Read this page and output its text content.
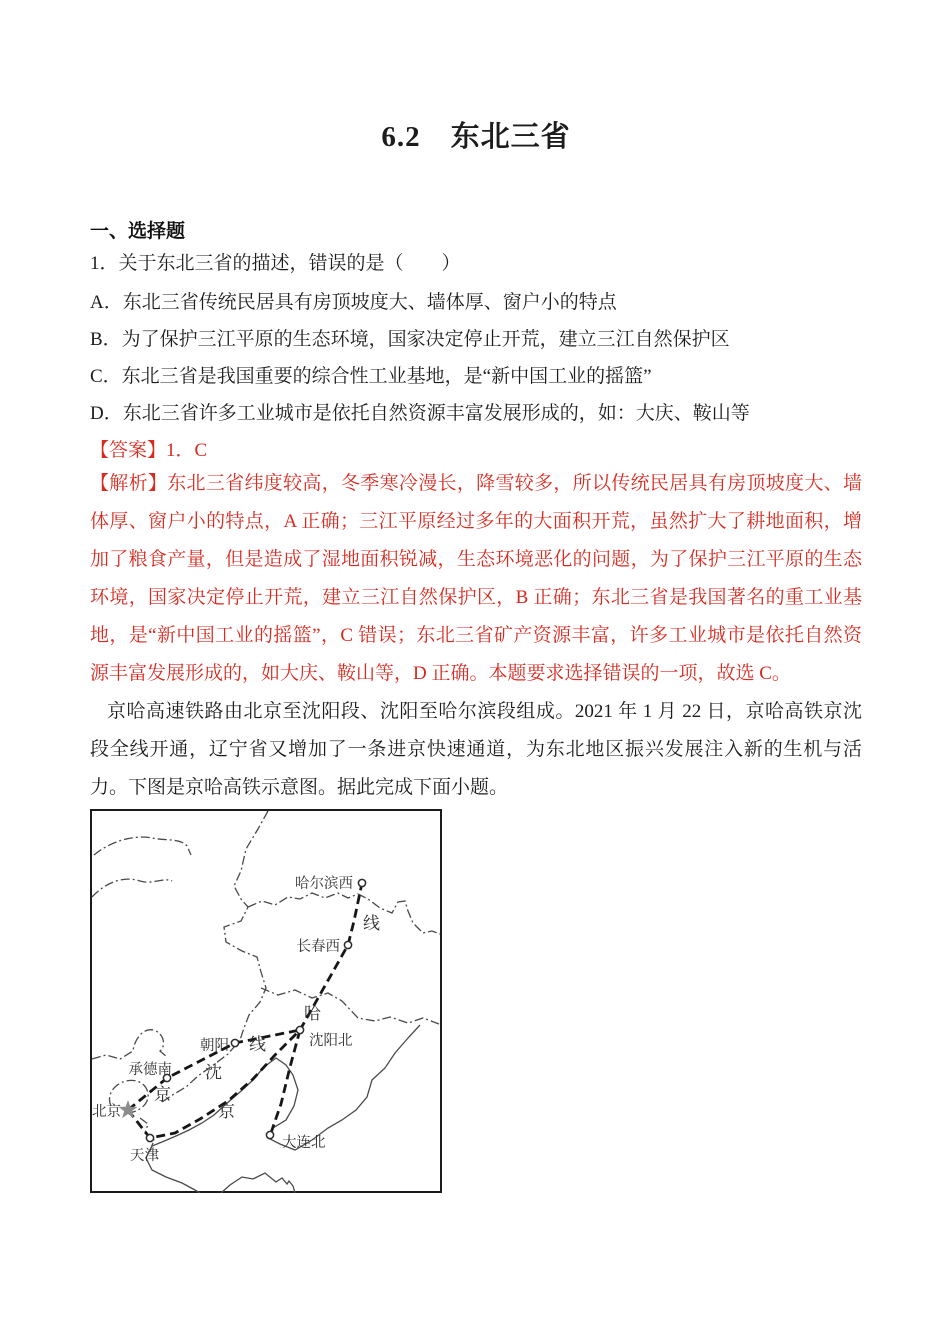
6.2　东北三省
一、选择题

1．关于东北三省的描述，错误的是（　　）

A．东北三省传统民居具有房顶坡度大、墙体厚、窗户小的特点

B．为了保护三江平原的生态环境，国家决定停止开荒，建立三江自然保护区

C．东北三省是我国重要的综合性工业基地，是“新中国工业的摇篮”

D．东北三省许多工业城市是依托自然资源丰富发展形成的，如：大庆、鞍山等

【答案】1．C

【解析】东北三省纬度较高，冬季寒冷漫长，降雪较多，所以传统民居具有房顶坡度大、墙体厚、窗户小的特点，A 正确；三江平原经过多年的大面积开荒，虽然扩大了耕地面积，增加了粮食产量，但是造成了湿地面积锐减，生态环境恶化的问题，为了保护三江平原的生态环境，国家决定停止开荒，建立三江自然保护区，B 正确；东北三省是我国著名的重工业基地，是“新中国工业的摇篮”，C 错误；东北三省矿产资源丰富，许多工业城市是依托自然资源丰富发展形成的，如大庆、鞍山等，D 正确。本题要求选择错误的一项，故选 C。

京哈高速铁路由北京至沈阳段、沈阳至哈尔滨段组成。2021 年 1 月 22 日，京哈高铁京沈段全线开通，辽宁省又增加了一条进京快速通道，为东北地区振兴发展注入新的生机与活力。下图是京哈高铁示意图。据此完成下面小题。

哈尔滨西
长春西
沈阳北
朝阳
承德南
北京
天津
大连北
京
哈
线
京
沈
线
